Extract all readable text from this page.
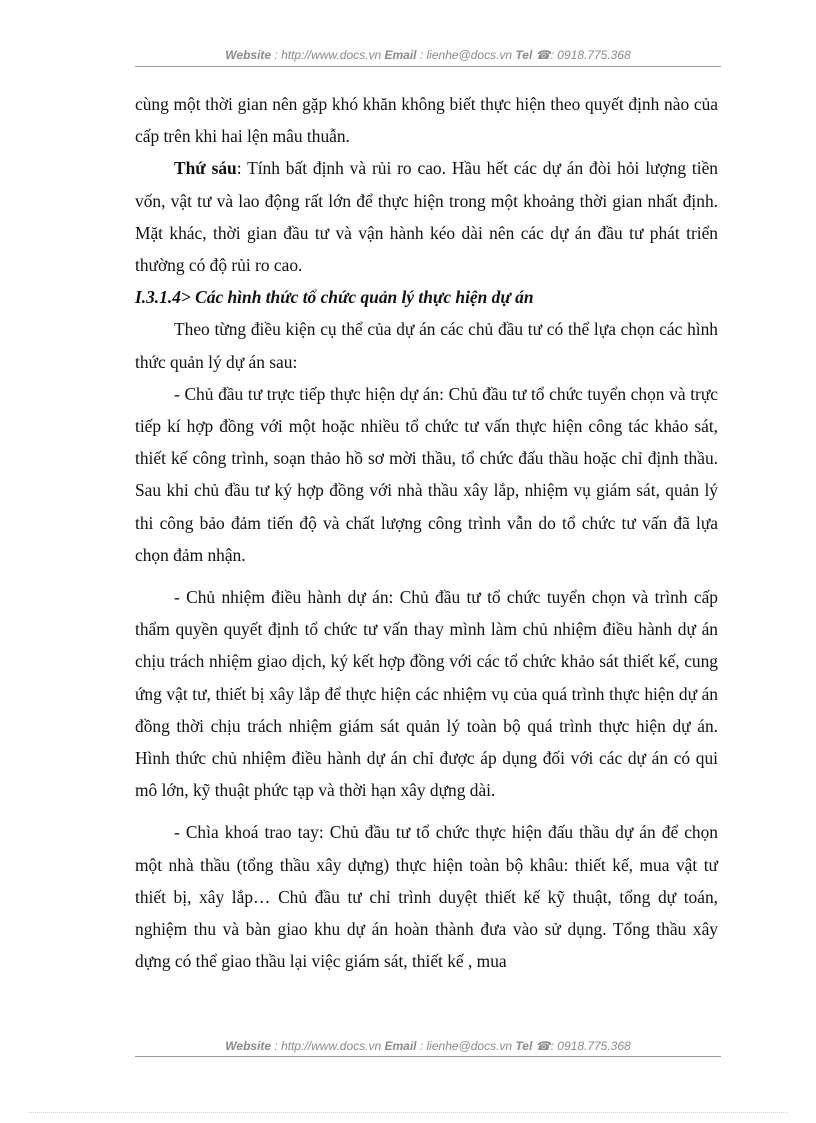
Website : http://www.docs.vn Email : lienhe@docs.vn Tel ☎: 0918.775.368

cùng một thời gian nên gặp khó khăn không biết thực hiện theo quyết định nào của cấp trên khi hai lện mâu thuẫn.

Thứ sáu: Tính bất định và rủi ro cao. Hầu hết các dự án đòi hỏi lượng tiền vốn, vật tư và lao động rất lớn để thực hiện trong một khoảng thời gian nhất định. Mặt khác, thời gian đầu tư và vận hành kéo dài nên các dự án đầu tư phát triển thường có độ rủi ro cao.

I.3.1.4> Các hình thức tổ chức quản lý thực hiện dự án

Theo từng điều kiện cụ thể của dự án các chủ đầu tư có thể lựa chọn các hình thức quản lý dự án sau:

- Chủ đầu tư trực tiếp thực hiện dự án: Chủ đầu tư tổ chức tuyển chọn và trực tiếp kí hợp đồng với một hoặc nhiều tổ chức tư vấn thực hiện công tác khảo sát, thiết kế công trình, soạn thảo hồ sơ mời thầu, tổ chức đấu thầu hoặc chỉ định thầu. Sau khi chủ đầu tư ký hợp đồng với nhà thầu xây lắp, nhiệm vụ giám sát, quản lý thi công bảo đảm tiến độ và chất lượng công trình vẫn do tổ chức tư vấn đã lựa chọn đảm nhận.

- Chủ nhiệm điều hành dự án: Chủ đầu tư tổ chức tuyển chọn và trình cấp thẩm quyền quyết định tổ chức tư vấn thay mình làm chủ nhiệm điều hành dự án chịu trách nhiệm giao dịch, ký kết hợp đồng với các tổ chức khảo sát thiết kế, cung ứng vật tư, thiết bị xây lắp để thực hiện các nhiệm vụ của quá trình thực hiện dự án đồng thời chịu trách nhiệm giám sát quản lý toàn bộ quá trình thực hiện dự án. Hình thức chủ nhiệm điều hành dự án chỉ được áp dụng đối với các dự án có qui mô lớn, kỹ thuật phức tạp và thời hạn xây dựng dài.

- Chìa khoá trao tay: Chủ đầu tư tổ chức thực hiện đấu thầu dự án để chọn một nhà thầu (tổng thầu xây dựng) thực hiện toàn bộ khâu: thiết kế, mua vật tư thiết bị, xây lắp… Chủ đầu tư chỉ trình duyệt thiết kế kỹ thuật, tổng dự toán, nghiệm thu và bàn giao khu dự án hoàn thành đưa vào sử dụng. Tổng thầu xây dựng có thể giao thầu lại việc giám sát, thiết kế , mua

Website : http://www.docs.vn Email : lienhe@docs.vn Tel ☎: 0918.775.368
